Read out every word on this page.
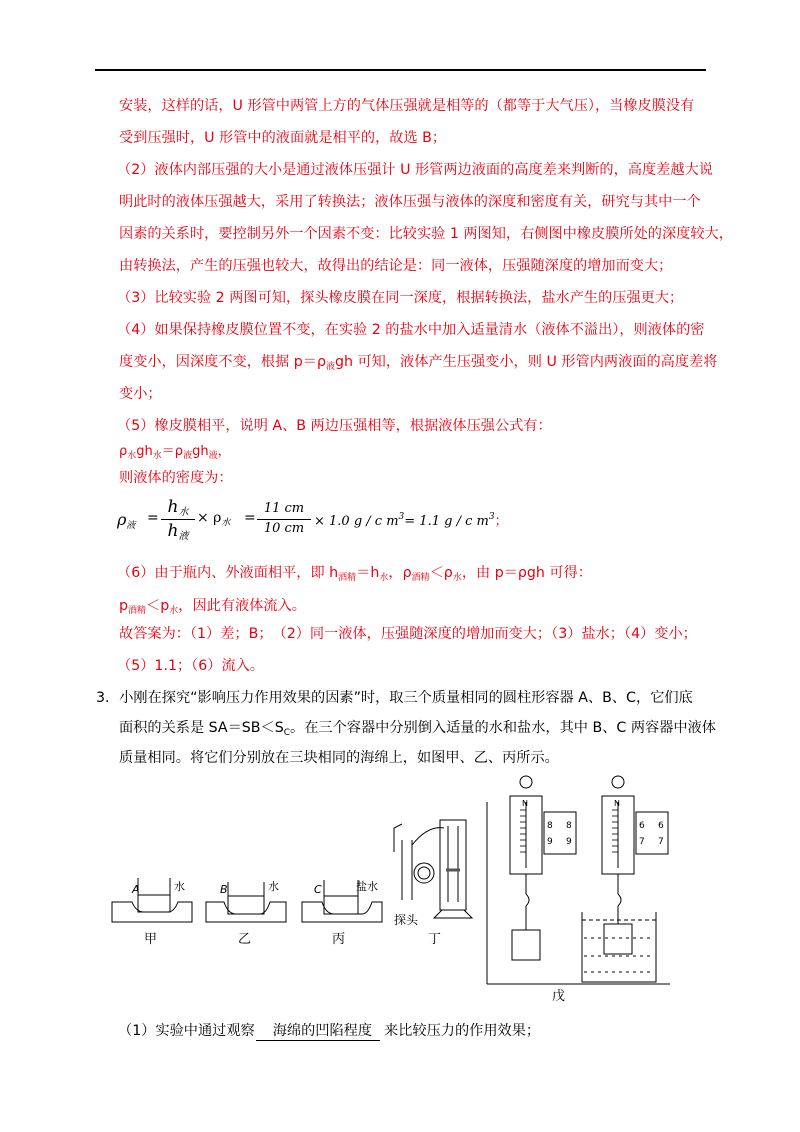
安装，这样的话，U 形管中两管上方的气体压强就是相等的（都等于大气压），当橡皮膜没有
受到压强时，U 形管中的液面就是相平的，故选 B；
（2）液体内部压强的大小是通过液体压强计 U 形管两边液面的高度差来判断的，高度差越大说
明此时的液体压强越大，采用了转换法；液体压强与液体的深度和密度有关，研究与其中一个
因素的关系时，要控制另外一个因素不变：比较实验 1 两图知，右侧图中橡皮膜所处的深度较大，
由转换法，产生的压强也较大，故得出的结论是：同一液体，压强随深度的增加而变大；
（3）比较实验 2 两图可知，探头橡皮膜在同一深度，根据转换法，盐水产生的压强更大；
（4）如果保持橡皮膜位置不变，在实验 2 的盐水中加入适量清水（液体不溢出），则液体的密
度变小，因深度不变，根据 $p=\rho_液gh$ 可知，液体产生压强变小，则 U 形管内两液面的高度差将
变小；
（5）橡皮膜相平，说明 A、B 两边压强相等，根据液体压强公式有：
$\rho_水gh_水=\rho_液gh_液$，
则液体的密度为：
ρ液 =
h水
h液
× $\rho_水$ =
11 cm
10 cm × 1.0 g / c $m^3= 1.1$ g / c $m^3$；
（6）由于瓶内、外液面相平，即 $h_{酒精}=h_水$，$\rho_{酒精}<\rho_水$，由 p＝ρgh 可得：
$p_{酒精}<p_水$，因此有液体流入。
故答案为：（1）差；B；　（2）同一液体，压强随深度的增加而变大；（3）盐水；（4）变小；
（5）1.1；（6）流入。
3．小刚在探究“影响压力作用效果的因素”时，取三个质量相同的圆柱形容器 A、B、C，它们底
面积的关系是 $SA=SB<S_C$。在三个容器中分别倒入适量的水和盐水，其中 B、C 两容器中液体
质量相同。将它们分别放在三块相同的海绵上，如图甲、乙、丙所示。
A	水	B	水	C	盐水
探头
N	N
8
9
8
9
6
7
6
7
甲	乙	丙	丁
戊
（1）实验中通过观察 海绵的凹陷程度 来比较压力的作用效果；
